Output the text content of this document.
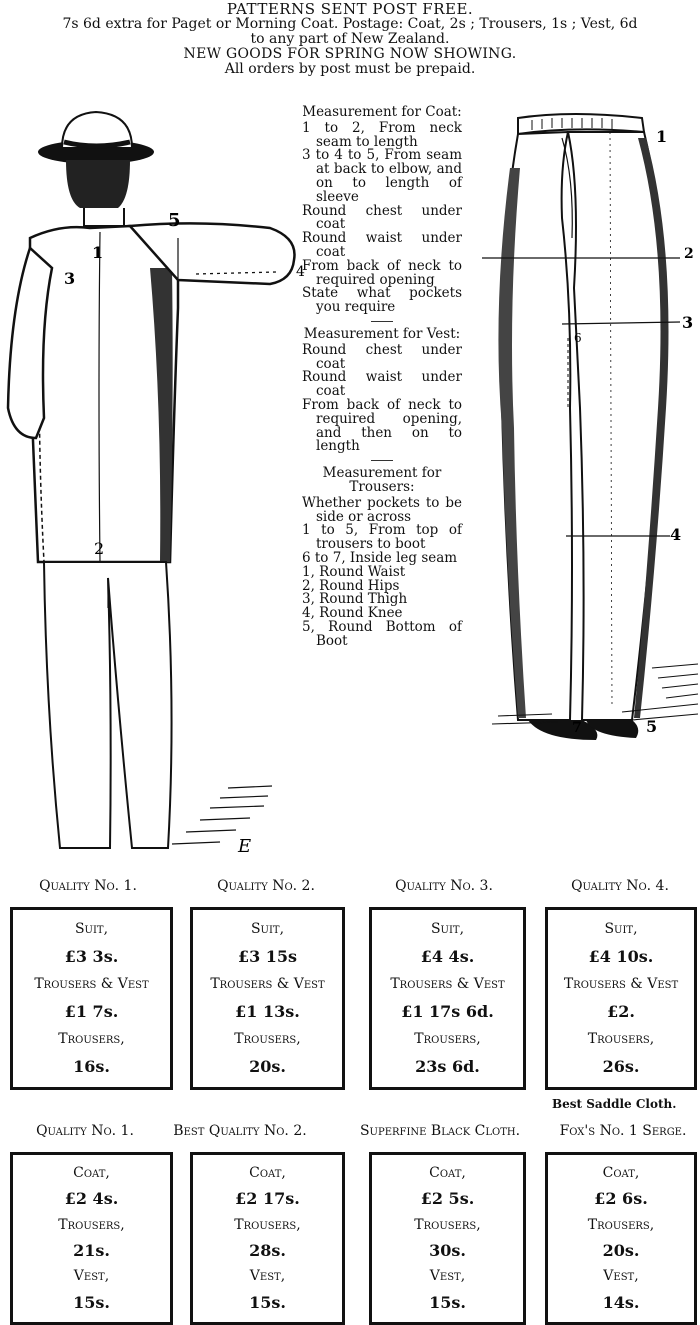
PATTERNS SENT POST FREE.
7s 6d extra for Paget or Morning Coat. Postage: Coat, 2s ; Trousers, 1s ; Vest, 6d
to any part of New Zealand.
NEW GOODS FOR SPRING NOW SHOWING.
All orders by post must be prepaid.
1
2
3	4
5
E
Measurement for Coat:
1 to 2, From neck seam to length
3 to 4 to 5, From seam at back to elbow, and on to length of sleeve
Round chest under coat
Round waist under coat
From back of neck to required opening
State what pockets you require
Measurement for Vest:
Round chest under coat
Round waist under coat
From back of neck to required opening, and then on to length
Measurement for Trousers:
Whether pockets to be side or across
1 to 5, From top of trousers to boot
6 to 7, Inside leg seam
1, Round Waist
2, Round Hips
3, Round Thigh
4, Round Knee
5, Round Bottom of Boot
1
2
3
4
5
6
7
Quality No. 1.	Quality No. 2.	Quality No. 3.	Quality No. 4.
Suit,
£3 3s.
Trousers & Vest
£1 7s.
Trousers,
16s.
Suit,
£3 15s
Trousers & Vest
£1 13s.
Trousers,
20s.
Suit,
£4 4s.
Trousers & Vest
£1 17s 6d.
Trousers,
23s 6d.
Suit,
£4 10s.
Trousers & Vest
£2.
Trousers,
26s.
Best Saddle Cloth.
Quality No. 1.	Best Quality No. 2.	Superfine Black Cloth.	Fox's No. 1 Serge.
Coat,
£2 4s.
Trousers,
21s.
Vest,
15s.
Coat,
£2 17s.
Trousers,
28s.
Vest,
15s.
Coat,
£2 5s.
Trousers,
30s.
Vest,
15s.
Coat,
£2 6s.
Trousers,
20s.
Vest,
14s.
